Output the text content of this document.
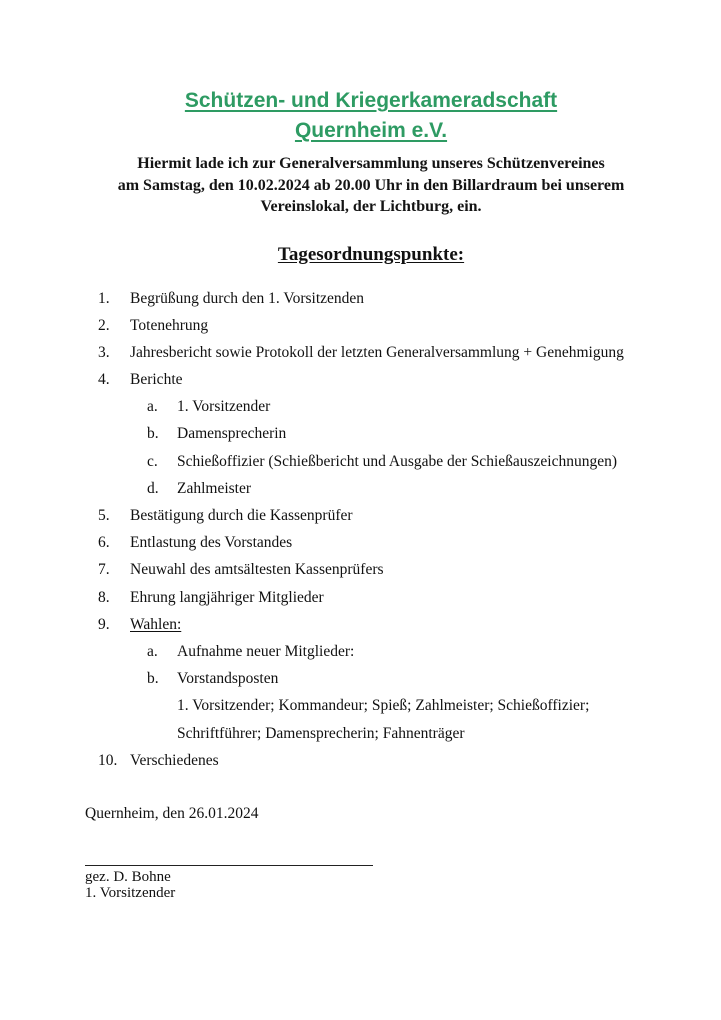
Schützen- und Kriegerkameradschaft
Quernheim e.V.
Hiermit lade ich zur Generalversammlung unseres Schützenvereines
am Samstag, den 10.02.2024 ab 20.00 Uhr in den Billardraum bei unserem
Vereinslokal, der Lichtburg, ein.
Tagesordnungspunkte:
1.	Begrüßung durch den 1. Vorsitzenden
2.	Totenehrung
3.	Jahresbericht sowie Protokoll der letzten Generalversammlung + Genehmigung
4.	Berichte
a.	1. Vorsitzender
b.	Damensprecherin
c.	Schießoffizier (Schießbericht und Ausgabe der Schießauszeichnungen)
d.	Zahlmeister
5.	Bestätigung durch die Kassenprüfer
6.	Entlastung des Vorstandes
7.	Neuwahl des amtsältesten Kassenprüfers
8.	Ehrung langjähriger Mitglieder
9.	Wahlen:
a.	Aufnahme neuer Mitglieder:
b.	Vorstandsposten
1. Vorsitzender; Kommandeur; Spieß; Zahlmeister; Schießoffizier;
Schriftführer; Damensprecherin; Fahnenträger
10. Verschiedenes
Quernheim, den 26.01.2024
gez. D. Bohne
1. Vorsitzender
